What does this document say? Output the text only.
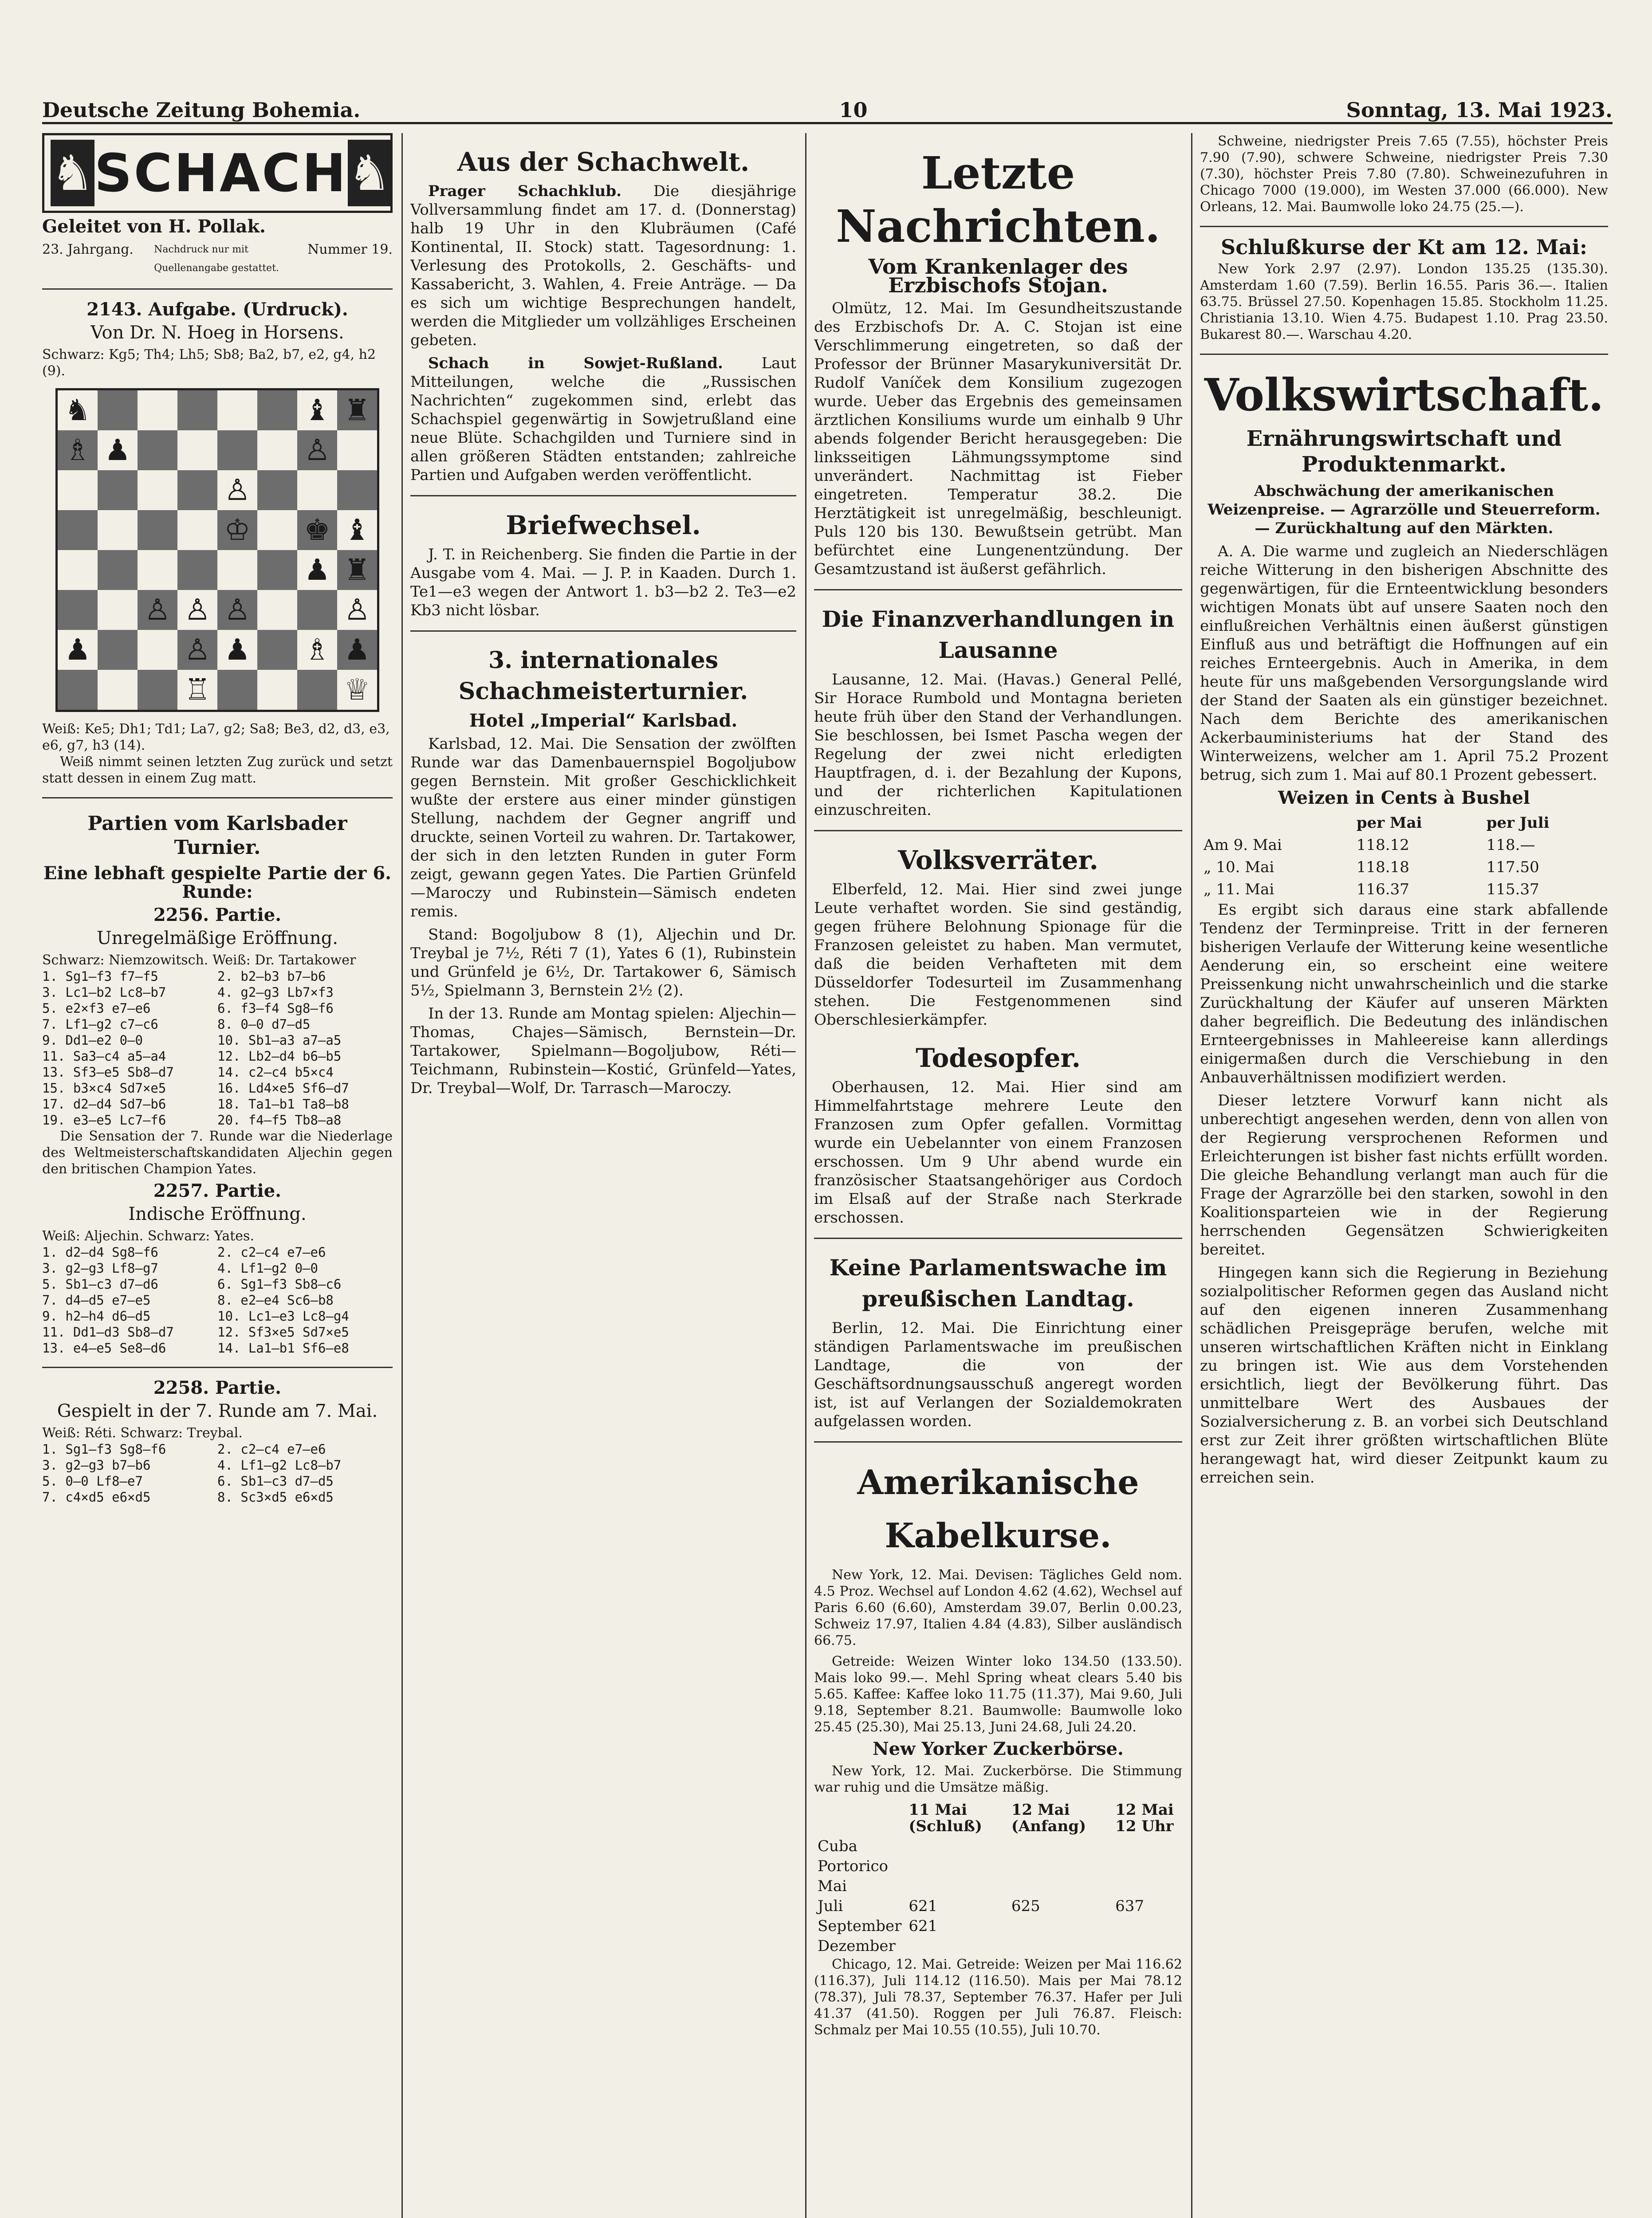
Deutsche Zeitung Bohemia.	10	Sonntag, 13. Mai 1923.
♞ SCHACH ♞
Geleitet von H. Pollak.
23. Jahrgang. Nachdruck nur mit Quellenangabe gestattet.
Nummer 19.
2143. Aufgabe. (Urdruck).
Von Dr. N. Hoeg in Horsens.
Schwarz: Kg5; Th4; Lh5; Sb8; Ba2, b7, e2, g4, h2 (9).
♞	♝ ♜
♗ ♟	♙
♙
♔ ♚ ♝
♟ ♜
♙ ♙ ♙	♙
♟	♙ ♟ ♗ ♟
♖	♕
Weiß: Ke5; Dh1; Td1; La7, g2; Sa8; Be3, d2, d3, e3, e6, g7, h3 (14).

Weiß nimmt seinen letzten Zug zurück und setzt statt dessen in einem Zug matt.

Partien vom Karlsbader Turnier.
Eine lebhaft gespielte Partie der 6. Runde:
2256. Partie.
Unregelmäßige Eröffnung.
Schwarz: Niemzowitsch. Weiß: Dr. Tartakower
1. Sg1—f3 f7—f5	2. b2—b3 b7—b6
3. Lc1—b2 Lc8—b7	4. g2—g3 Lb7×f3
5. e2×f3 e7—e6	6. f3—f4 Sg8—f6
7. Lf1—g2 c7—c6	8. 0—0 d7—d5
9. Dd1—e2 0—0	10. Sb1—a3 a7—a5
11. Sa3—c4 a5—a4	12. Lb2—d4 b6—b5
13. Sf3—e5 Sb8—d7	14. c2—c4 b5×c4
15. b3×c4 Sd7×e5	16. Ld4×e5 Sf6—d7
17. d2—d4 Sd7—b6	18. Ta1—b1 Ta8—b8
19. e3—e5 Lc7—f6	20. f4—f5 Tb8—a8

Die Sensation der 7. Runde war die Niederlage des Weltmeisterschaftskandidaten Aljechin gegen den britischen Champion Yates.

2257. Partie.
Indische Eröffnung.
Weiß: Aljechin. Schwarz: Yates.
1. d2—d4 Sg8—f6	2. c2—c4 e7—e6
3. g2—g3 Lf8—g7	4. Lf1—g2 0—0
5. Sb1—c3 d7—d6	6. Sg1—f3 Sb8—c6
7. d4—d5 e7—e5	8. e2—e4 Sc6—b8
9. h2—h4 d6—d5	10. Lc1—e3 Lc8—g4
11. Dd1—d3 Sb8—d7	12. Sf3×e5 Sd7×e5
13. e4—e5 Se8—d6	14. La1—b1 Sf6—e8
2258. Partie.
Gespielt in der 7. Runde am 7. Mai.
Weiß: Réti. Schwarz: Treybal.
1. Sg1—f3 Sg8—f6	2. c2—c4 e7—e6
3. g2—g3 b7—b6	4. Lf1—g2 Lc8—b7
5. 0—0 Lf8—e7	6. Sb1—c3 d7—d5
7. c4×d5 e6×d5	8. Sc3×d5 e6×d5
Aus der Schachwelt.

Prager Schachklub. Die diesjährige Vollversammlung findet am 17. d. (Donnerstag) halb 19 Uhr in den Klubräumen (Café Kontinental, II. Stock) statt. Tagesordnung: 1. Verlesung des Protokolls, 2. Geschäfts- und Kassabericht, 3. Wahlen, 4. Freie Anträge. — Da es sich um wichtige Besprechungen handelt, werden die Mitglieder um vollzähliges Erscheinen gebeten.

Schach in Sowjet-Rußland.	Laut Mitteilungen, welche die „Russischen Nachrichten“ zugekommen sind, erlebt das Schachspiel gegenwärtig in Sowjetrußland eine neue Blüte. Schachgilden und Turniere sind in allen größeren Städten entstanden; zahlreiche Partien und Aufgaben werden veröffentlicht.

Briefwechsel.

J. T. in Reichenberg. Sie finden die Partie in der Ausgabe vom 4. Mai. — J. P. in Kaaden. Durch 1. Te1—e3 wegen der Antwort 1. b3—b2 2. Te3—e2 Kb3 nicht lösbar.

3. internationales Schachmeisterturnier.
Hotel „Imperial“ Karlsbad.

Karlsbad, 12. Mai. Die Sensation der zwölften Runde war das Damenbauernspiel Bogoljubow gegen Bernstein. Mit großer Geschicklichkeit wußte der erstere aus einer minder günstigen Stellung, nachdem der Gegner angriff und druckte, seinen Vorteil zu wahren. Dr. Tartakower, der sich in den letzten Runden in guter Form zeigt, gewann gegen Yates. Die Partien Grünfeld—Maroczy und Rubinstein—Sämisch endeten remis.

Stand: Bogoljubow 8 (1), Aljechin und Dr. Treybal je 7½, Réti 7 (1), Yates 6 (1), Rubinstein und Grünfeld je 6½, Dr. Tartakower 6, Sämisch 5½, Spielmann 3, Bernstein 2½ (2).

In der 13. Runde am Montag spielen: Aljechin—Thomas, Chajes—Sämisch, Bernstein—Dr. Tartakower, Spielmann—Bogoljubow, Réti—Teichmann, Rubinstein—Kostić, Grünfeld—Yates, Dr. Treybal—Wolf, Dr. Tarrasch—Maroczy.

Letzte Nachrichten.
Vom Krankenlager des Erzbischofs Stojan.

Olmütz, 12. Mai. Im Gesundheitszustande des Erzbischofs Dr. A. C. Stojan ist eine Verschlimmerung eingetreten, so daß der Professor der Brünner Masarykuniversität Dr. Rudolf Vaníček dem Konsilium zugezogen wurde. Ueber das Ergebnis des gemeinsamen ärztlichen Konsiliums wurde um einhalb 9 Uhr abends folgender Bericht herausgegeben: Die linksseitigen Lähmungssymptome sind unverändert. Nachmittag ist Fieber eingetreten. Temperatur 38.2. Die Herztätigkeit ist unregelmäßig, beschleunigt. Puls 120 bis 130. Bewußtsein getrübt. Man befürchtet eine Lungenentzündung. Der Gesamtzustand ist äußerst gefährlich.

Die Finanzverhandlungen in Lausanne

Lausanne, 12. Mai. (Havas.) General Pellé, Sir Horace Rumbold und Montagna berieten heute früh über den Stand der Verhandlungen. Sie beschlossen, bei Ismet Pascha wegen der Regelung der zwei nicht erledigten Hauptfragen, d. i. der Bezahlung der Kupons, und der richterlichen Kapitulationen einzuschreiten.

Volksverräter.

Elberfeld, 12. Mai. Hier sind zwei junge Leute verhaftet worden. Sie sind geständig, gegen frühere Belohnung Spionage für die Franzosen geleistet zu haben. Man vermutet, daß die beiden Verhafteten mit dem Düsseldorfer Todesurteil im Zusammenhang stehen. Die Festgenommenen sind Oberschlesierkämpfer.

Todesopfer.

Oberhausen, 12. Mai. Hier sind am Himmelfahrtstage mehrere Leute den Franzosen zum Opfer gefallen. Vormittag wurde ein Uebelannter von einem Franzosen erschossen. Um 9 Uhr abend wurde ein französischer Staatsangehöriger aus Cordoch im Elsaß auf der Straße nach Sterkrade erschossen.

Keine Parlamentswache im preußischen Landtag.

Berlin, 12. Mai. Die Einrichtung einer ständigen Parlamentswache im preußischen Landtage, die von der Geschäftsordnungsausschuß angeregt worden ist, ist auf Verlangen der Sozialdemokraten aufgelassen worden.

Amerikanische Kabelkurse.

New York, 12. Mai. Devisen: Tägliches Geld nom. 4.5 Proz. Wechsel auf London 4.62 (4.62), Wechsel auf Paris 6.60 (6.60), Amsterdam 39.07, Berlin 0.00.23, Schweiz 17.97, Italien 4.84 (4.83), Silber ausländisch 66.75.

Getreide: Weizen Winter loko 134.50 (133.50). Mais loko 99.—. Mehl Spring wheat clears 5.40 bis 5.65. Kaffee: Kaffee loko 11.75 (11.37), Mai 9.60, Juli 9.18, September 8.21. Baumwolle: Baumwolle loko 25.45 (25.30), Mai 25.13, Juni 24.68, Juli 24.20.

New Yorker Zuckerbörse.

New York, 12. Mai. Zuckerbörse. Die Stimmung war ruhig und die Umsätze mäßig.

	11 Mai (Schluß)	12 Mai (Anfang)	12 Mai 12 Uhr
Cuba			
Portorico			
Mai			
Juli	621	625	637
September	621		
Dezember			

Chicago, 12. Mai. Getreide: Weizen per Mai 116.62 (116.37), Juli 114.12 (116.50). Mais per Mai 78.12 (78.37), Juli 78.37, September 76.37. Hafer per Juli 41.37 (41.50). Roggen per Juli 76.87. Fleisch: Schmalz per Mai 10.55 (10.55), Juli 10.70.

Schweine, niedrigster Preis 7.65 (7.55), höchster Preis 7.90 (7.90), schwere Schweine, niedrigster Preis 7.30 (7.30), höchster Preis 7.80 (7.80). Schweinezufuhren in Chicago 7000 (19.000), im Westen 37.000 (66.000). New Orleans, 12. Mai. Baumwolle loko 24.75 (25.—).

Schlußkurse der Kt am 12. Mai:

New York 2.97 (2.97). London 135.25 (135.30). Amsterdam 1.60 (7.59). Berlin 16.55. Paris 36.—. Italien 63.75. Brüssel 27.50. Kopenhagen 15.85. Stockholm 11.25. Christiania 13.10. Wien 4.75. Budapest 1.10. Prag 23.50. Bukarest 80.—. Warschau 4.20.

Volkswirtschaft.
Ernährungswirtschaft und Produktenmarkt.
Abschwächung der amerikanischen Weizenpreise. — Agrarzölle und Steuerreform. — Zurückhaltung auf den Märkten.

A. A. Die warme und zugleich an Niederschlägen reiche Witterung in den bisherigen Abschnitte des gegenwärtigen, für die Ernteentwicklung besonders wichtigen Monats übt auf unsere Saaten noch den einflußreichen Verhältnis einen äußerst günstigen Einfluß aus und beträftigt die Hoffnungen auf ein reiches Ernteergebnis. Auch in Amerika, in dem heute für uns maßgebenden Versorgungslande wird der Stand der Saaten als ein günstiger bezeichnet. Nach dem Berichte des amerikanischen Ackerbauministeriums hat der Stand des Winterweizens, welcher am 1. April 75.2 Prozent betrug, sich zum 1. Mai auf 80.1 Prozent gebessert.

Weizen in Cents à Bushel
	per Mai	per Juli
Am 9. Mai	118.12	118.—
„ 10. Mai	118.18	117.50
„ 11. Mai	116.37	115.37

Es ergibt sich daraus eine stark abfallende Tendenz der Terminpreise. Tritt in der ferneren bisherigen Verlaufe der Witterung keine wesentliche Aenderung ein, so erscheint eine weitere Preissenkung nicht unwahrscheinlich und die starke Zurückhaltung der Käufer auf unseren Märkten daher begreiflich. Die Bedeutung des inländischen Ernteergebnisses in Mahleereise kann allerdings einigermaßen durch die Verschiebung in den Anbauverhältnissen modifiziert werden.

Dieser letztere Vorwurf kann nicht als unberechtigt angesehen werden, denn von allen von der Regierung versprochenen Reformen und Erleichterungen ist bisher fast nichts erfüllt worden. Die gleiche Behandlung verlangt man auch für die Frage der Agrarzölle bei den starken, sowohl in den Koalitionsparteien wie in der Regierung herrschenden Gegensätzen Schwierigkeiten bereitet.

Hingegen kann sich die Regierung in Beziehung sozialpolitischer Reformen gegen das Ausland nicht auf den eigenen inneren Zusammenhang schädlichen Preisgepräge berufen, welche mit unseren wirtschaftlichen Kräften nicht in Einklang zu bringen ist. Wie aus dem Vorstehenden ersichtlich, liegt der Bevölkerung führt. Das unmittelbare Wert des Ausbaues der Sozialversicherung z. B. an vorbei sich Deutschland erst zur Zeit ihrer größten wirtschaftlichen Blüte herangewagt hat, wird dieser Zeitpunkt kaum zu erreichen sein.
